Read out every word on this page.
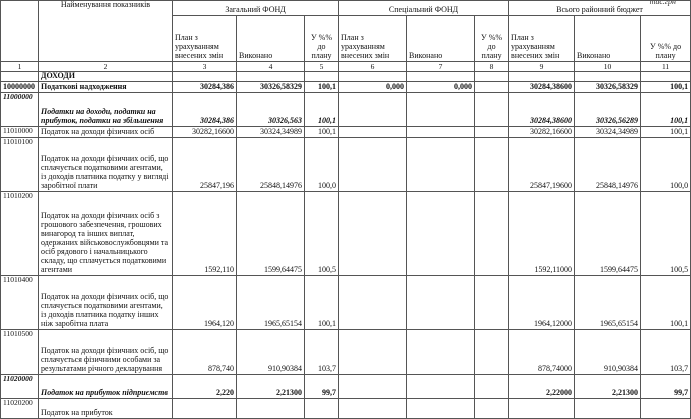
тис.грн
	Найменування показників	Загальний ФОНД			Спеціальний ФОНД			Всього районний бюджет		
		План з урахуванням внесених змін	Виконано	У %% до плану	План з урахуванням внесених змін	Виконано	У %% до плану	План з урахуванням внесених змін	Виконано	У %% до плану
1	2	3	4	5	6	7	8	9	10	11
	ДОХОДИ									
10000000	Податкові надходження	30284,386	30326,58329	100,1	0,000	0,000		30284,38600	30326,58329	100,1
11000000	Податки на доходи, податки на прибуток, податки на збільшення	30284,386	30326,563	100,1				30284,38600	30326,56289	100,1
11010000	Податок на доходи фізичних осіб	30282,16600	30324,34989	100,1				30282,16600	30324,34989	100,1
11010100	Податок на доходи фізичних осіб, що сплачується податковими агентами, із доходів платника податку у вигляді заробітної плати	25847,196	25848,14976	100,0				25847,19600	25848,14976	100,0
11010200	Податок на доходи фізичних осіб з грошового забезпечення, грошових винагород та інших виплат, одержаних військовослужбовцями та осіб рядового і начальницького складу, що сплачується податковими агентами	1592,110	1599,64475	100,5				1592,11000	1599,64475	100,5
11010400	Податок на доходи фізичних осіб, що сплачується податковими агентами, із доходів платника податку інших ніж заробітна плата	1964,120	1965,65154	100,1				1964,12000	1965,65154	100,1
11010500	Податок на доходи фізичних осіб, що сплачується фізичними особами за результатами річного декларування	878,740	910,90384	103,7				878,74000	910,90384	103,7
11020000	Податок на прибуток підприємств	2,220	2,21300	99,7				2,22000	2,21300	99,7
11020200	Податок на прибуток									
